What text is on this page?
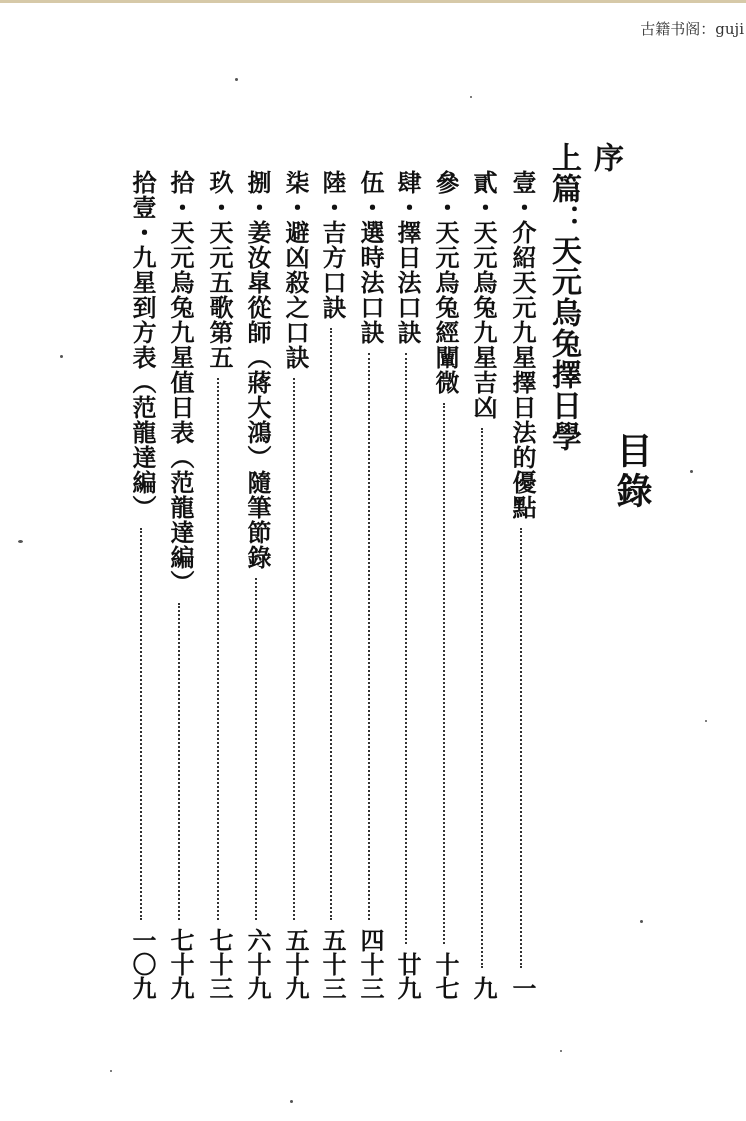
古籍书阁：guji
目錄
序
上篇：天元烏兔擇日學
壹・介紹天元九星擇日法的優點
一
貳・天元烏兔九星吉凶
九
參・天元烏兔經闡微
十七
肆・擇日法口訣
廿九
伍・選時法口訣
四十三
陸・吉方口訣
五十三
柒・避凶殺之口訣
五十九
捌・姜汝皐從師（蔣大鴻）隨筆節錄
六十九
玖・天元五歌第五
七十三
拾・天元烏兔九星值日表（范龍達編）
七十九
拾壹・九星到方表（范龍達編）
一〇九
